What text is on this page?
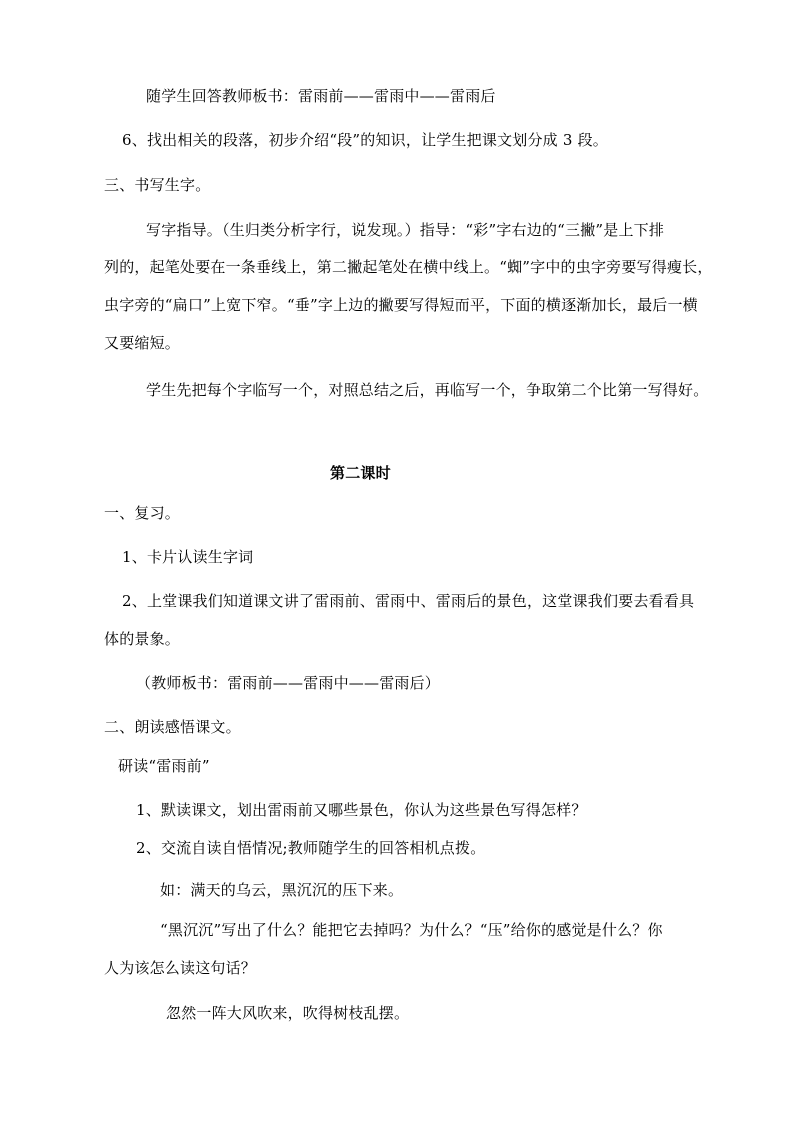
随学生回答教师板书：雷雨前——雷雨中——雷雨后
6、找出相关的段落，初步介绍“段”的知识，让学生把课文划分成 3 段。
三、书写生字。
写字指导。（生归类分析字行，说发现。）指导：“彩”字右边的“三撇”是上下排
列的，起笔处要在一条垂线上，第二撇起笔处在横中线上。“蜘”字中的虫字旁要写得瘦长，
虫字旁的“扁口”上宽下窄。“垂”字上边的撇要写得短而平，下面的横逐渐加长，最后一横
又要缩短。
学生先把每个字临写一个，对照总结之后，再临写一个，争取第二个比第一写得好。
第二课时
一、复习。
1、卡片认读生字词
2、上堂课我们知道课文讲了雷雨前、雷雨中、雷雨后的景色，这堂课我们要去看看具
体的景象。
（教师板书：雷雨前——雷雨中——雷雨后）
二、朗读感悟课文。
研读“雷雨前”
1、默读课文，划出雷雨前又哪些景色，你认为这些景色写得怎样？
2、交流自读自悟情况;教师随学生的回答相机点拨。
如：满天的乌云，黑沉沉的压下来。
“黑沉沉”写出了什么？能把它去掉吗？为什么？“压”给你的感觉是什么？你
人为该怎么读这句话？
忽然一阵大风吹来，吹得树枝乱摆。
